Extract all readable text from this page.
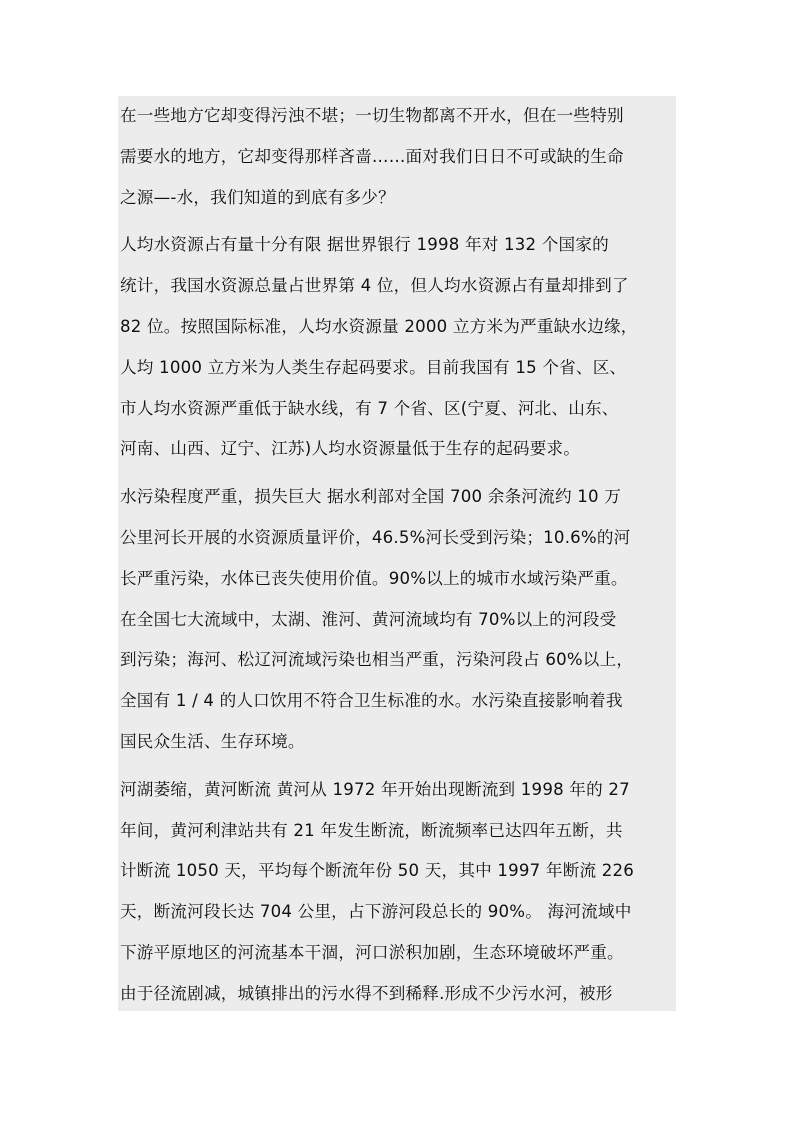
在一些地方它却变得污浊不堪；一切生物都离不开水，但在一些特别
需要水的地方，它却变得那样吝啬……面对我们日日不可或缺的生命
之源—-水，我们知道的到底有多少？
人均水资源占有量十分有限 据世界银行 1998 年对 132 个国家的
统计，我国水资源总量占世界第 4 位，但人均水资源占有量却排到了
82 位。按照国际标准，人均水资源量 2000 立方米为严重缺水边缘，
人均 1000 立方米为人类生存起码要求。目前我国有 15 个省、区、
市人均水资源严重低于缺水线，有 7 个省、区(宁夏、河北、山东、
河南、山西、辽宁、江苏)人均水资源量低于生存的起码要求。
水污染程度严重，损失巨大 据水利部对全国 700 余条河流约 10 万
公里河长开展的水资源质量评价，46.5%河长受到污染；10.6%的河
长严重污染，水体已丧失使用价值。90%以上的城市水域污染严重。
在全国七大流域中，太湖、淮河、黄河流域均有 70%以上的河段受
到污染；海河、松辽河流域污染也相当严重，污染河段占 60%以上，
全国有 1 / 4 的人口饮用不符合卫生标准的水。水污染直接影响着我
国民众生活、生存环境。
河湖萎缩，黄河断流 黄河从 1972 年开始出现断流到 1998 年的 27
年间，黄河利津站共有 21 年发生断流，断流频率已达四年五断，共
计断流 1050 天，平均每个断流年份 50 天，其中 1997 年断流 226
天，断流河段长达 704 公里，占下游河段总长的 90%。 海河流域中
下游平原地区的河流基本干涸，河口淤积加剧，生态环境破坏严重。
由于径流剧减，城镇排出的污水得不到稀释.形成不少污水河，被形
